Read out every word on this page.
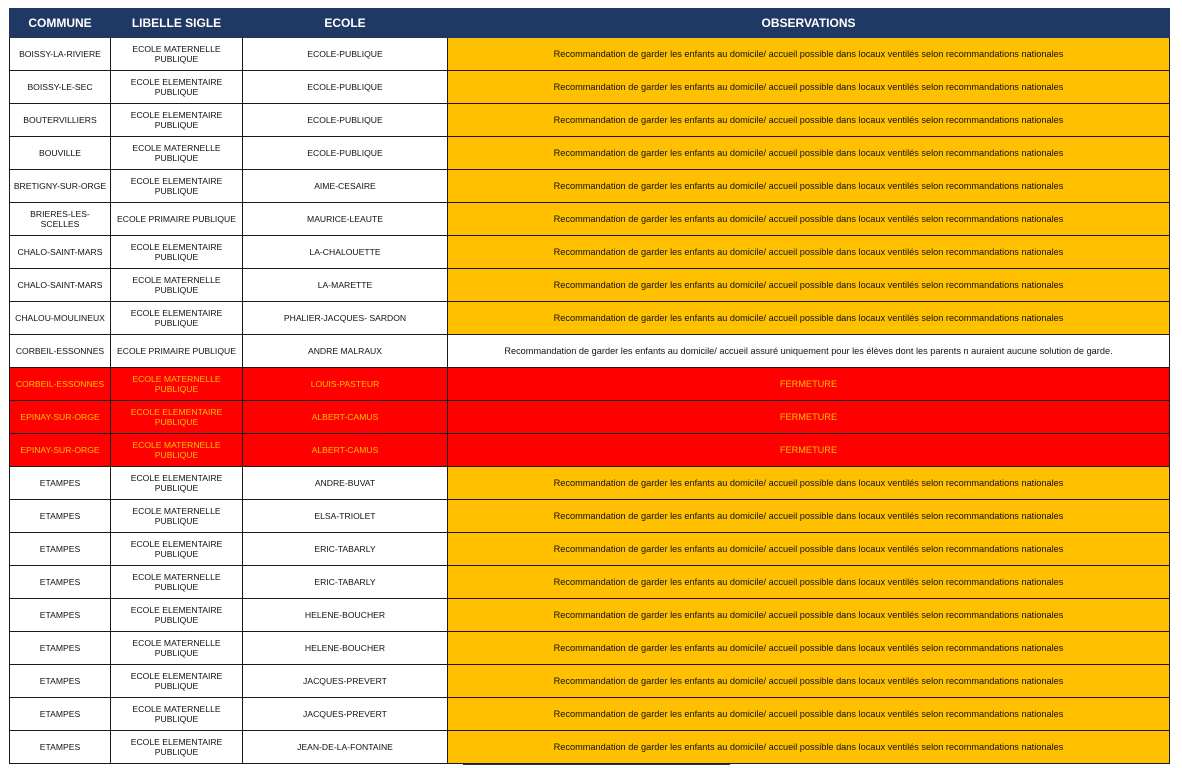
COMMUNE	LIBELLE SIGLE	ECOLE	OBSERVATIONS
BOISSY-LA-RIVIERE	ECOLE MATERNELLE PUBLIQUE	ECOLE-PUBLIQUE	Recommandation de garder les enfants au domicile/ accueil possible dans locaux ventilés selon recommandations nationales
BOISSY-LE-SEC	ECOLE ELEMENTAIRE PUBLIQUE	ECOLE-PUBLIQUE	Recommandation de garder les enfants au domicile/ accueil possible dans locaux ventilés selon recommandations nationales
BOUTERVILLIERS	ECOLE ELEMENTAIRE PUBLIQUE	ECOLE-PUBLIQUE	Recommandation de garder les enfants au domicile/ accueil possible dans locaux ventilés selon recommandations nationales
BOUVILLE	ECOLE MATERNELLE PUBLIQUE	ECOLE-PUBLIQUE	Recommandation de garder les enfants au domicile/ accueil possible dans locaux ventilés selon recommandations nationales
BRETIGNY-SUR-ORGE	ECOLE ELEMENTAIRE PUBLIQUE	AIME-CESAIRE	Recommandation de garder les enfants au domicile/ accueil possible dans locaux ventilés selon recommandations nationales
BRIERES-LES-SCELLES	ECOLE PRIMAIRE PUBLIQUE	MAURICE-LEAUTE	Recommandation de garder les enfants au domicile/ accueil possible dans locaux ventilés selon recommandations nationales
CHALO-SAINT-MARS	ECOLE ELEMENTAIRE PUBLIQUE	LA-CHALOUETTE	Recommandation de garder les enfants au domicile/ accueil possible dans locaux ventilés selon recommandations nationales
CHALO-SAINT-MARS	ECOLE MATERNELLE PUBLIQUE	LA-MARETTE	Recommandation de garder les enfants au domicile/ accueil possible dans locaux ventilés selon recommandations nationales
CHALOU-MOULINEUX	ECOLE ELEMENTAIRE PUBLIQUE	PHALIER-JACQUES- SARDON	Recommandation de garder les enfants au domicile/ accueil possible dans locaux ventilés selon recommandations nationales
CORBEIL-ESSONNES	ECOLE PRIMAIRE PUBLIQUE	ANDRE MALRAUX	Recommandation de garder les enfants au domicile/ accueil assuré uniquement pour les élèves dont les parents n auraient aucune solution de garde.
CORBEIL-ESSONNES	ECOLE MATERNELLE PUBLIQUE	LOUIS-PASTEUR	FERMETURE
EPINAY-SUR-ORGE	ECOLE ELEMENTAIRE PUBLIQUE	ALBERT-CAMUS	FERMETURE
EPINAY-SUR-ORGE	ECOLE MATERNELLE PUBLIQUE	ALBERT-CAMUS	FERMETURE
ETAMPES	ECOLE ELEMENTAIRE PUBLIQUE	ANDRE-BUVAT	Recommandation de garder les enfants au domicile/ accueil possible dans locaux ventilés selon recommandations nationales
ETAMPES	ECOLE MATERNELLE PUBLIQUE	ELSA-TRIOLET	Recommandation de garder les enfants au domicile/ accueil possible dans locaux ventilés selon recommandations nationales
ETAMPES	ECOLE ELEMENTAIRE PUBLIQUE	ERIC-TABARLY	Recommandation de garder les enfants au domicile/ accueil possible dans locaux ventilés selon recommandations nationales
ETAMPES	ECOLE MATERNELLE PUBLIQUE	ERIC-TABARLY	Recommandation de garder les enfants au domicile/ accueil possible dans locaux ventilés selon recommandations nationales
ETAMPES	ECOLE ELEMENTAIRE PUBLIQUE	HELENE-BOUCHER	Recommandation de garder les enfants au domicile/ accueil possible dans locaux ventilés selon recommandations nationales
ETAMPES	ECOLE MATERNELLE PUBLIQUE	HELENE-BOUCHER	Recommandation de garder les enfants au domicile/ accueil possible dans locaux ventilés selon recommandations nationales
ETAMPES	ECOLE ELEMENTAIRE PUBLIQUE	JACQUES-PREVERT	Recommandation de garder les enfants au domicile/ accueil possible dans locaux ventilés selon recommandations nationales
ETAMPES	ECOLE MATERNELLE PUBLIQUE	JACQUES-PREVERT	Recommandation de garder les enfants au domicile/ accueil possible dans locaux ventilés selon recommandations nationales
ETAMPES	ECOLE ELEMENTAIRE PUBLIQUE	JEAN-DE-LA-FONTAINE	Recommandation de garder les enfants au domicile/ accueil possible dans locaux ventilés selon recommandations nationales
